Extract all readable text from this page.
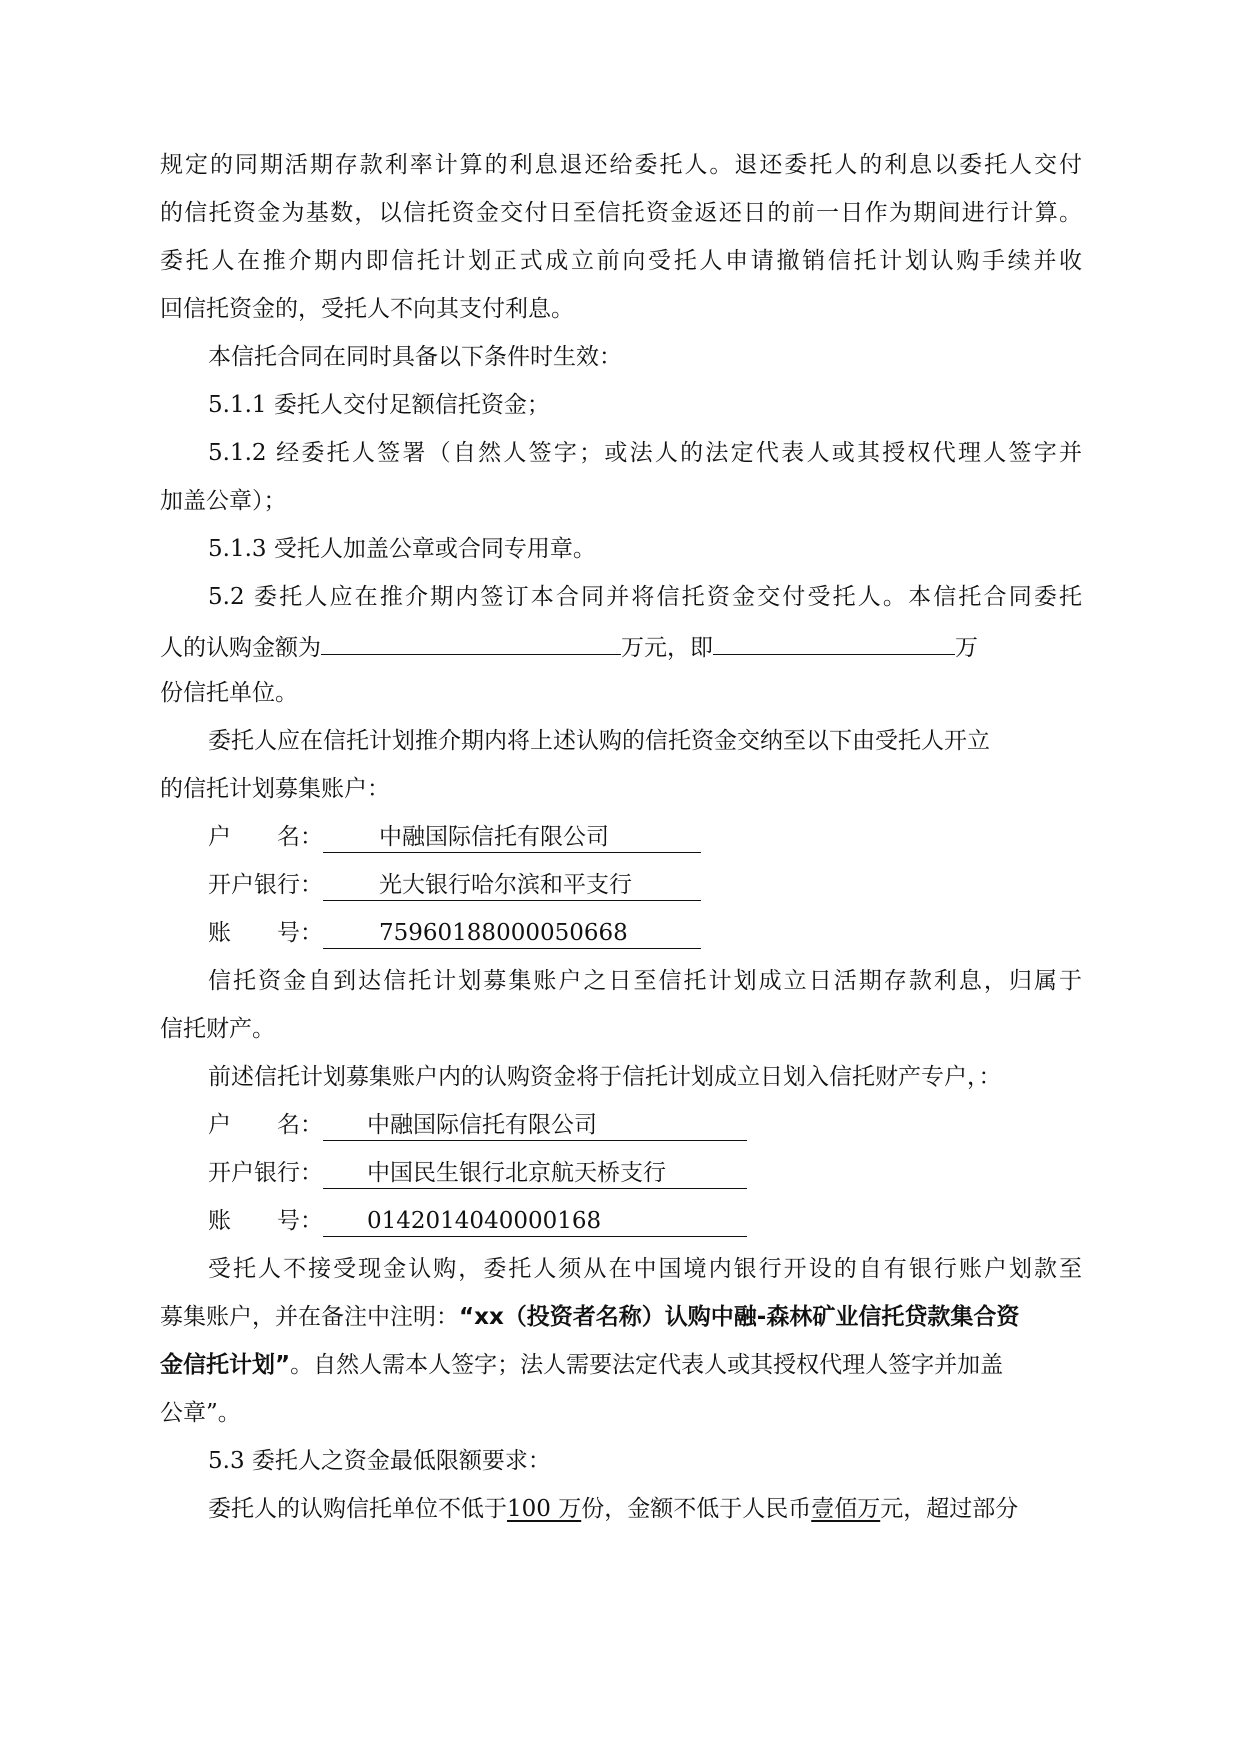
规定的同期活期存款利率计算的利息退还给委托人。退还委托人的利息以委托人交付
的信托资金为基数，以信托资金交付日至信托资金返还日的前一日作为期间进行计算。
委托人在推介期内即信托计划正式成立前向受托人申请撤销信托计划认购手续并收
回信托资金的，受托人不向其支付利息。
本信托合同在同时具备以下条件时生效：
5.1.1 委托人交付足额信托资金；
5.1.2 经委托人签署（自然人签字；或法人的法定代表人或其授权代理人签字并
加盖公章）；
5.1.3 受托人加盖公章或合同专用章。
5.2 委托人应在推介期内签订本合同并将信托资金交付受托人。本信托合同委托
人的认购金额为	万元，即	万
份信托单位。
委托人应在信托计划推介期内将上述认购的信托资金交纳至以下由受托人开立
的信托计划募集账户：
户　　名： 中融国际信托有限公司
开户银行： 光大银行哈尔滨和平支行
账　　号： 75960188000050668
信托资金自到达信托计划募集账户之日至信托计划成立日活期存款利息，归属于
信托财产。
前述信托计划募集账户内的认购资金将于信托计划成立日划入信托财产专户，：
户　　名： 中融国际信托有限公司
开户银行： 中国民生银行北京航天桥支行
账　　号： 0142014040000168
受托人不接受现金认购，委托人须从在中国境内银行开设的自有银行账户划款至
募集账户，并在备注中注明：“xx（投资者名称）认购中融-森林矿业信托贷款集合资
金信托计划”。自然人需本人签字；法人需要法定代表人或其授权代理人签字并加盖
公章”。
5.3 委托人之资金最低限额要求：
委托人的认购信托单位不低于100 万份，金额不低于人民币壹佰万元，超过部分
